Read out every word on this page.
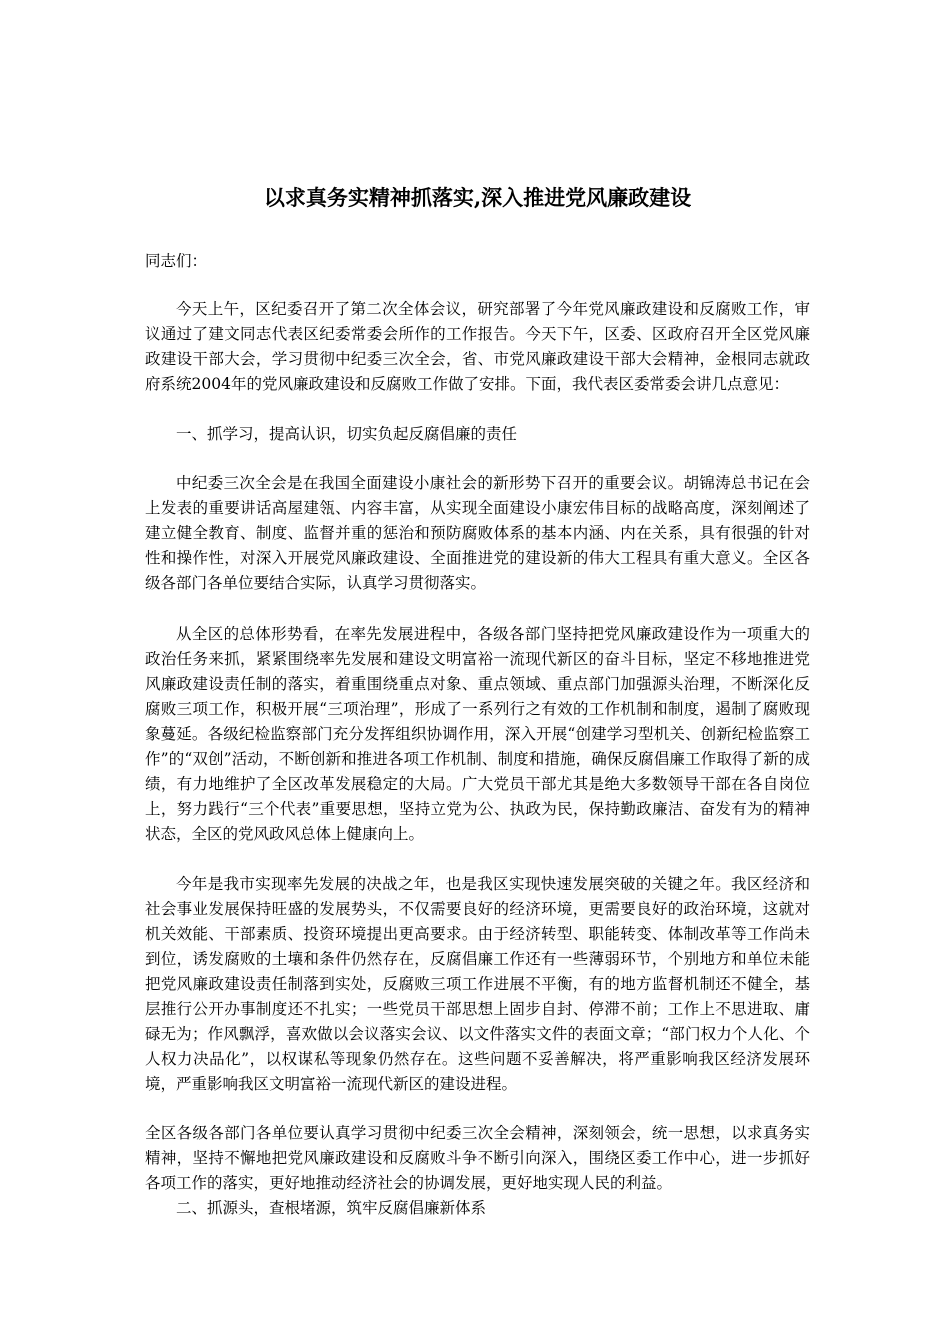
以求真务实精神抓落实,深入推进党风廉政建设

同志们：

今天上午，区纪委召开了第二次全体会议，研究部署了今年党风廉政建设和反腐败工作，审议通过了建文同志代表区纪委常委会所作的工作报告。今天下午，区委、区政府召开全区党风廉政建设干部大会，学习贯彻中纪委三次全会，省、市党风廉政建设干部大会精神，金根同志就政府系统2004年的党风廉政建设和反腐败工作做了安排。下面，我代表区委常委会讲几点意见：

一、抓学习，提高认识，切实负起反腐倡廉的责任

中纪委三次全会是在我国全面建设小康社会的新形势下召开的重要会议。胡锦涛总书记在会上发表的重要讲话高屋建瓴、内容丰富，从实现全面建设小康宏伟目标的战略高度，深刻阐述了建立健全教育、制度、监督并重的惩治和预防腐败体系的基本内涵、内在关系，具有很强的针对性和操作性，对深入开展党风廉政建设、全面推进党的建设新的伟大工程具有重大意义。全区各级各部门各单位要结合实际，认真学习贯彻落实。

从全区的总体形势看，在率先发展进程中，各级各部门坚持把党风廉政建设作为一项重大的政治任务来抓，紧紧围绕率先发展和建设文明富裕一流现代新区的奋斗目标，坚定不移地推进党风廉政建设责任制的落实，着重围绕重点对象、重点领域、重点部门加强源头治理，不断深化反腐败三项工作，积极开展“三项治理”，形成了一系列行之有效的工作机制和制度，遏制了腐败现象蔓延。各级纪检监察部门充分发挥组织协调作用，深入开展“创建学习型机关、创新纪检监察工作”的“双创”活动，不断创新和推进各项工作机制、制度和措施，确保反腐倡廉工作取得了新的成绩，有力地维护了全区改革发展稳定的大局。广大党员干部尤其是绝大多数领导干部在各自岗位上，努力践行“三个代表”重要思想，坚持立党为公、执政为民，保持勤政廉洁、奋发有为的精神状态，全区的党风政风总体上健康向上。

今年是我市实现率先发展的决战之年，也是我区实现快速发展突破的关键之年。我区经济和社会事业发展保持旺盛的发展势头，不仅需要良好的经济环境，更需要良好的政治环境，这就对机关效能、干部素质、投资环境提出更高要求。由于经济转型、职能转变、体制改革等工作尚未到位，诱发腐败的土壤和条件仍然存在，反腐倡廉工作还有一些薄弱环节，个别地方和单位未能把党风廉政建设责任制落到实处，反腐败三项工作进展不平衡，有的地方监督机制还不健全，基层推行公开办事制度还不扎实；一些党员干部思想上固步自封、停滞不前；工作上不思进取、庸碌无为；作风飘浮，喜欢做以会议落实会议、以文件落实文件的表面文章；“部门权力个人化、个人权力决品化”，以权谋私等现象仍然存在。这些问题不妥善解决，将严重影响我区经济发展环境，严重影响我区文明富裕一流现代新区的建设进程。

全区各级各部门各单位要认真学习贯彻中纪委三次全会精神，深刻领会，统一思想，以求真务实精神，坚持不懈地把党风廉政建设和反腐败斗争不断引向深入，围绕区委工作中心，进一步抓好各项工作的落实，更好地推动经济社会的协调发展，更好地实现人民的利益。

二、抓源头，查根堵源，筑牢反腐倡廉新体系
